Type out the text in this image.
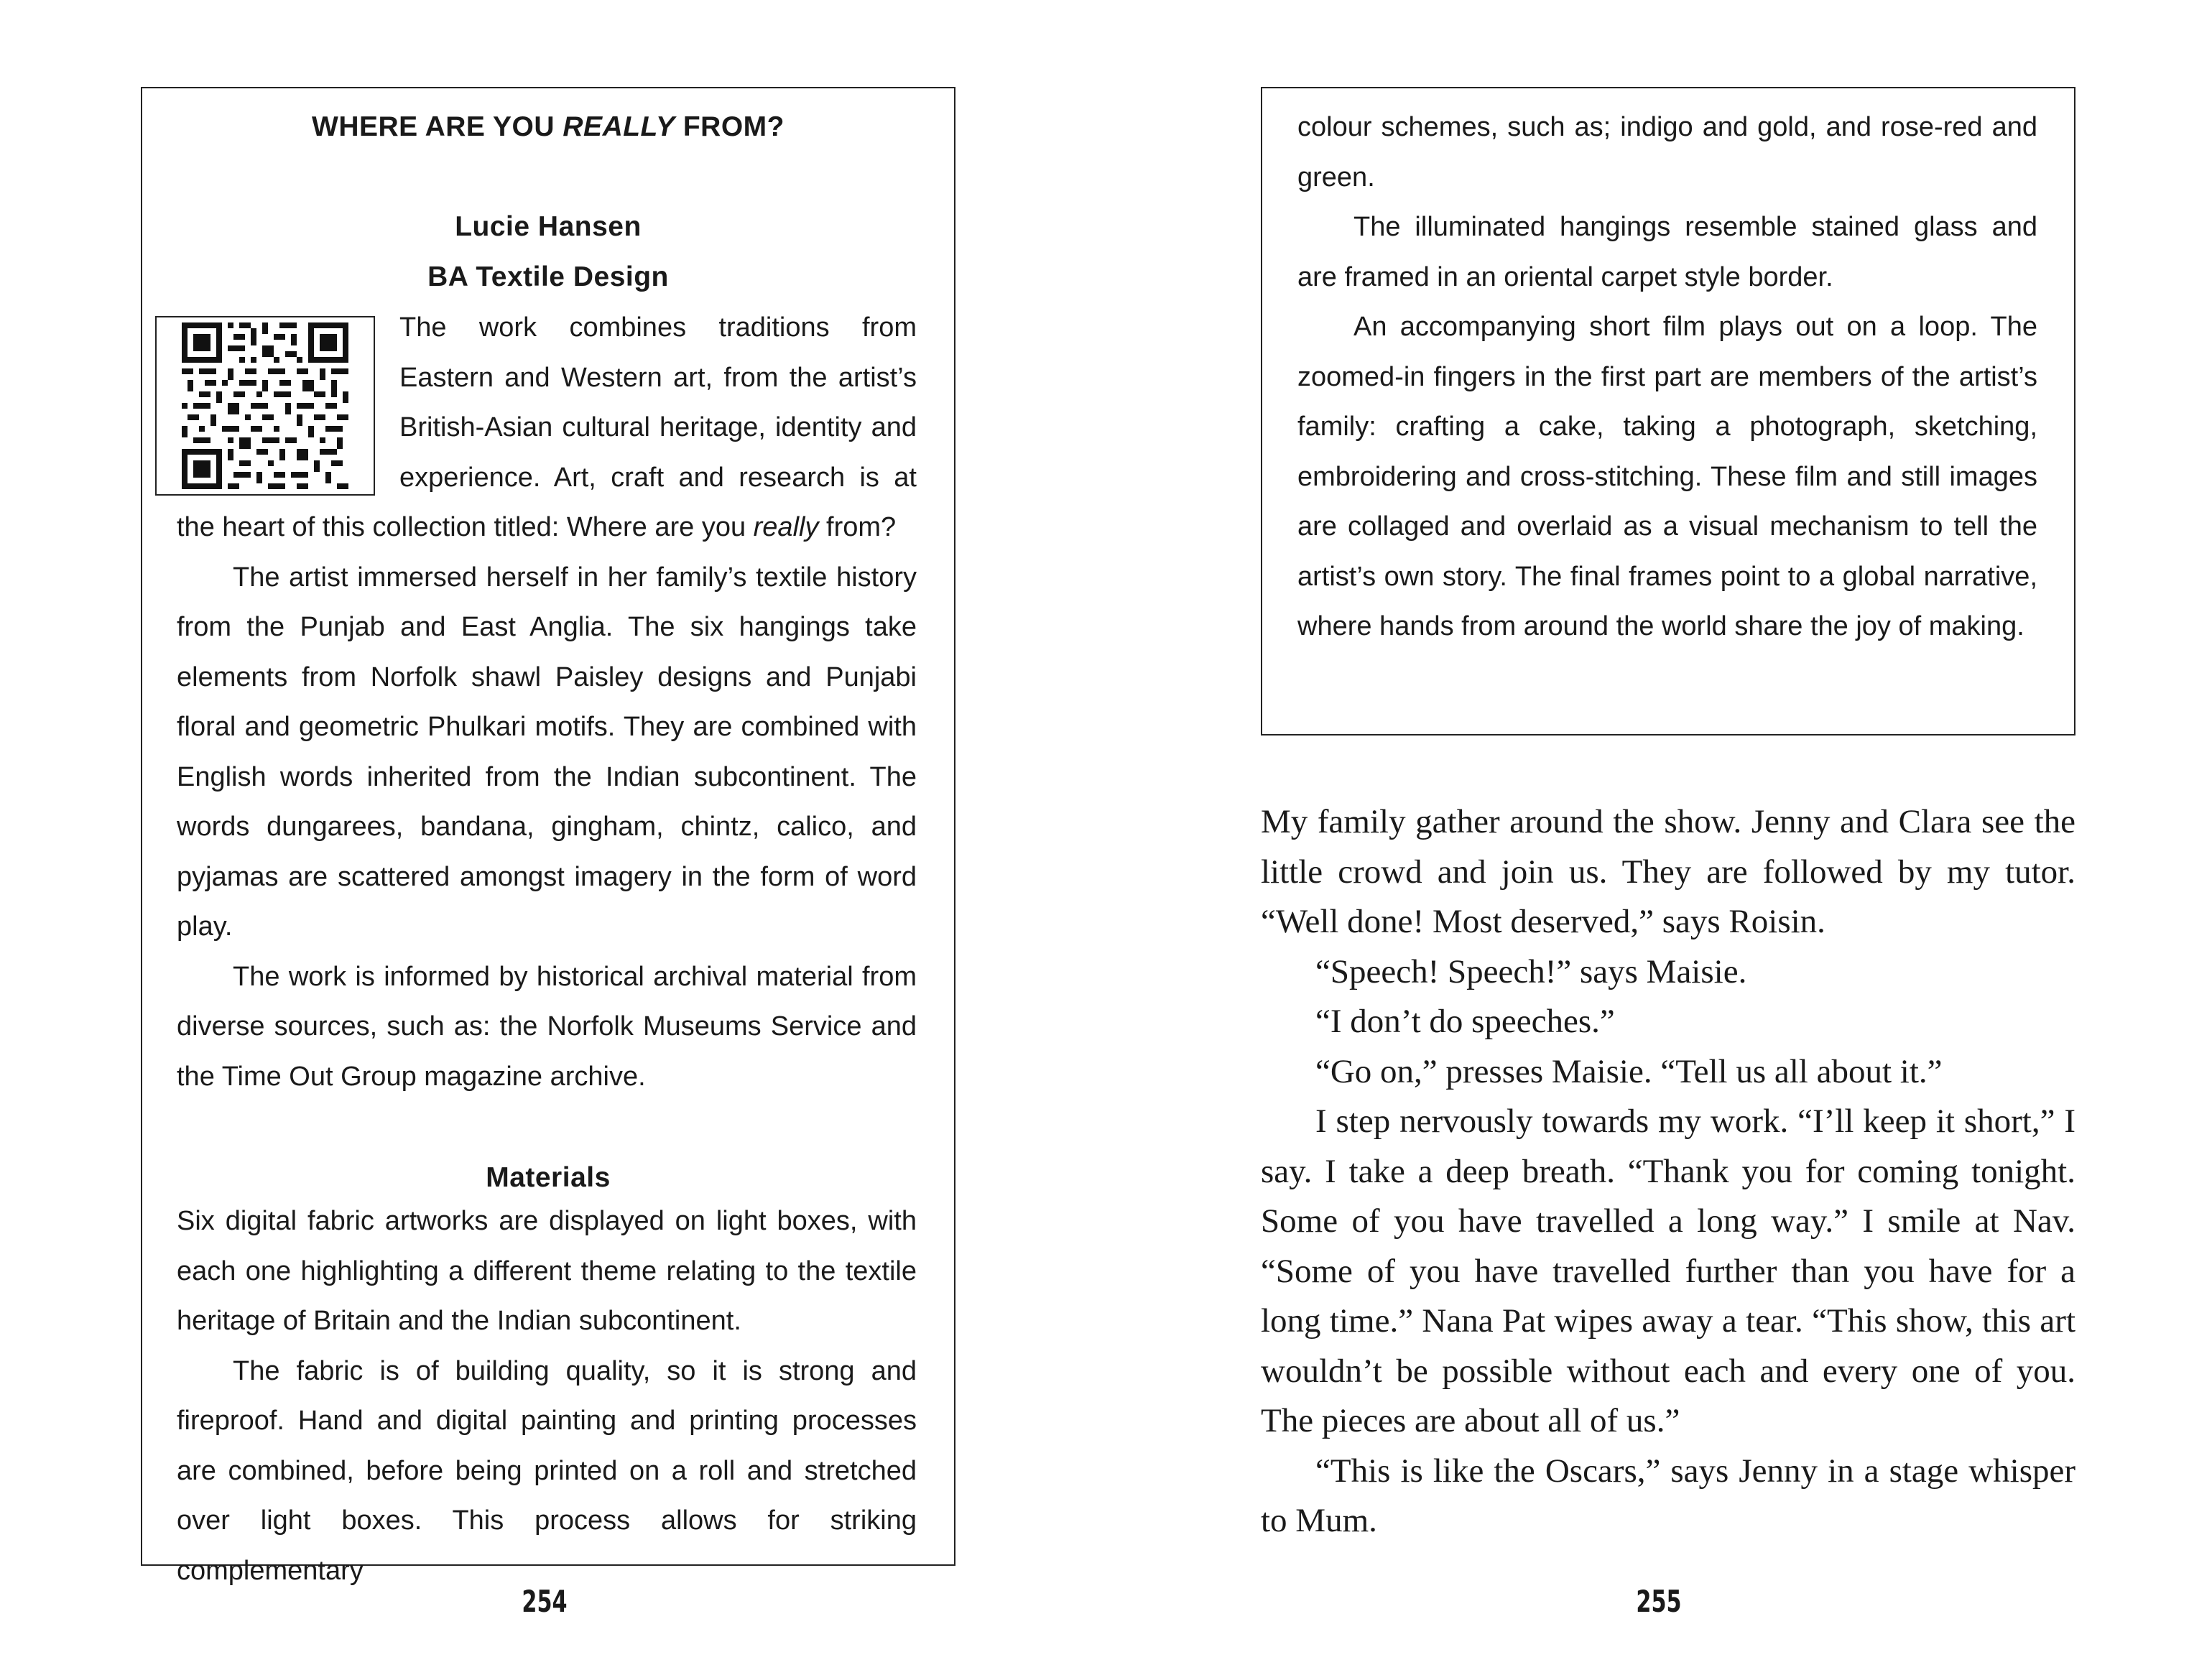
WHERE ARE YOU REALLY FROM?
Lucie Hansen
BA Textile Design

The work combines traditions from Eastern and Western art, from the artist’s British-Asian cultural heritage, identity and experience. Art, craft and research is at the heart of this collection titled: Where are you really from?

The artist immersed herself in her family’s textile history from the Punjab and East Anglia. The six hangings take elements from Norfolk shawl Paisley designs and Punjabi floral and geometric Phulkari motifs. They are combined with English words inherited from the Indian subcontinent. The words dungarees, bandana, gingham, chintz, calico, and pyjamas are scattered amongst imagery in the form of word play.

The work is informed by historical archival material from diverse sources, such as: the Norfolk Museums Service and the Time Out Group magazine archive.

Materials

Six digital fabric artworks are displayed on light boxes, with each one highlighting a different theme relating to the textile heritage of Britain and the Indian subcontinent.

The fabric is of building quality, so it is strong and fireproof. Hand and digital painting and printing processes are combined, before being printed on a roll and stretched over light boxes. This process allows for striking complementary

254

colour schemes, such as; indigo and gold, and rose-red and green.

The illuminated hangings resemble stained glass and are framed in an oriental carpet style border.

An accompanying short film plays out on a loop. The zoomed-in fingers in the first part are members of the artist’s family: crafting a cake, taking a photograph, sketching, embroidering and cross-stitching. These film and still images are collaged and overlaid as a visual mechanism to tell the artist’s own story. The final frames point to a global narrative, where hands from around the world share the joy of making.

My family gather around the show. Jenny and Clara see the little crowd and join us. They are followed by my tutor. “Well done! Most deserved,” says Roisin.

“Speech! Speech!” says Maisie.

“I don’t do speeches.”

“Go on,” presses Maisie. “Tell us all about it.”

I step nervously towards my work. “I’ll keep it short,” I say. I take a deep breath. “Thank you for coming tonight. Some of you have travelled a long way.” I smile at Nav. “Some of you have travelled further than you have for a long time.” Nana Pat wipes away a tear. “This show, this art wouldn’t be possible without each and every one of you. The pieces are about all of us.”

“This is like the Oscars,” says Jenny in a stage whisper to Mum.

255
